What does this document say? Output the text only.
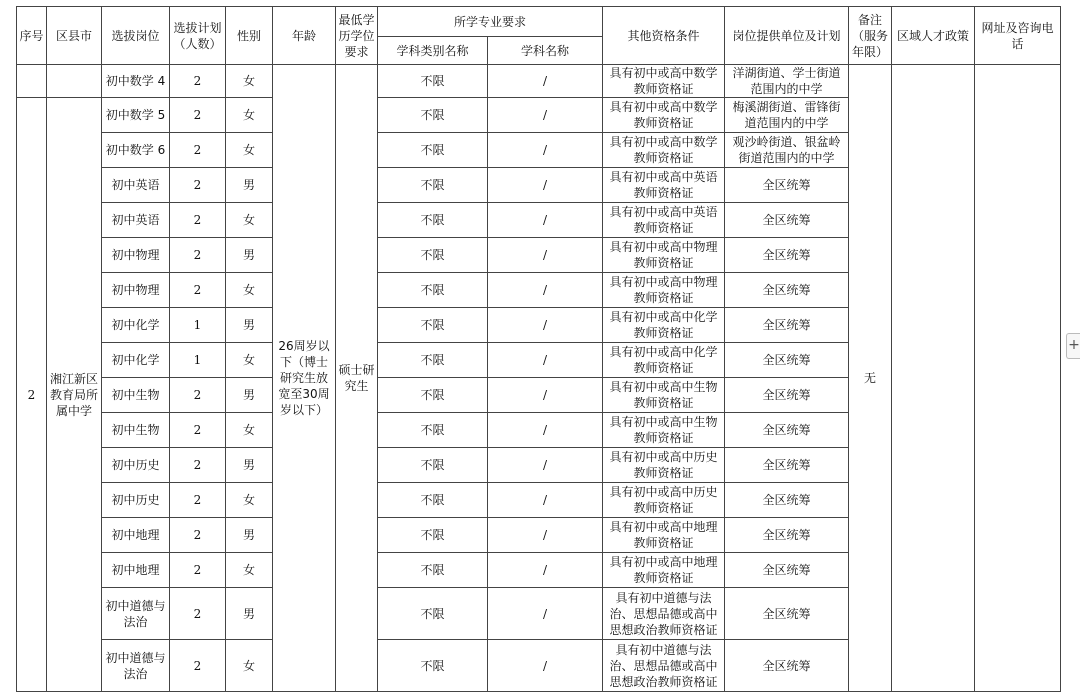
序号	区县市	选拔岗位	选拔计划（人数）	性别	年龄	最低学历学位要求	所学专业要求		其他资格条件	岗位提供单位及计划	备注（服务年限）	区域人才政策	网址及咨询电话
							学科类别名称	学科名称					
		初中数学 4	2	女	26周岁以下（博士研究生放宽至30周岁以下）	硕士研究生	不限	/	具有初中或高中数学教师资格证	洋湖街道、学士街道范围内的中学	无		
2	湘江新区教育局所属中学	初中数学 5	2	女			不限	/	具有初中或高中数学教师资格证	梅溪湖街道、雷锋街道范围内的中学			
		初中数学 6	2	女			不限	/	具有初中或高中数学教师资格证	观沙岭街道、银盆岭街道范围内的中学			
		初中英语	2	男			不限	/	具有初中或高中英语教师资格证	全区统筹			
		初中英语	2	女			不限	/	具有初中或高中英语教师资格证	全区统筹			
		初中物理	2	男			不限	/	具有初中或高中物理教师资格证	全区统筹			
		初中物理	2	女			不限	/	具有初中或高中物理教师资格证	全区统筹			
		初中化学	1	男			不限	/	具有初中或高中化学教师资格证	全区统筹			
		初中化学	1	女			不限	/	具有初中或高中化学教师资格证	全区统筹			
		初中生物	2	男			不限	/	具有初中或高中生物教师资格证	全区统筹			
		初中生物	2	女			不限	/	具有初中或高中生物教师资格证	全区统筹			
		初中历史	2	男			不限	/	具有初中或高中历史教师资格证	全区统筹			
		初中历史	2	女			不限	/	具有初中或高中历史教师资格证	全区统筹			
		初中地理	2	男			不限	/	具有初中或高中地理教师资格证	全区统筹			
		初中地理	2	女			不限	/	具有初中或高中地理教师资格证	全区统筹			
		初中道德与法治	2	男			不限	/	具有初中道德与法治、思想品德或高中思想政治教师资格证	全区统筹			
		初中道德与法治	2	女			不限	/	具有初中道德与法治、思想品德或高中思想政治教师资格证	全区统筹			
+
